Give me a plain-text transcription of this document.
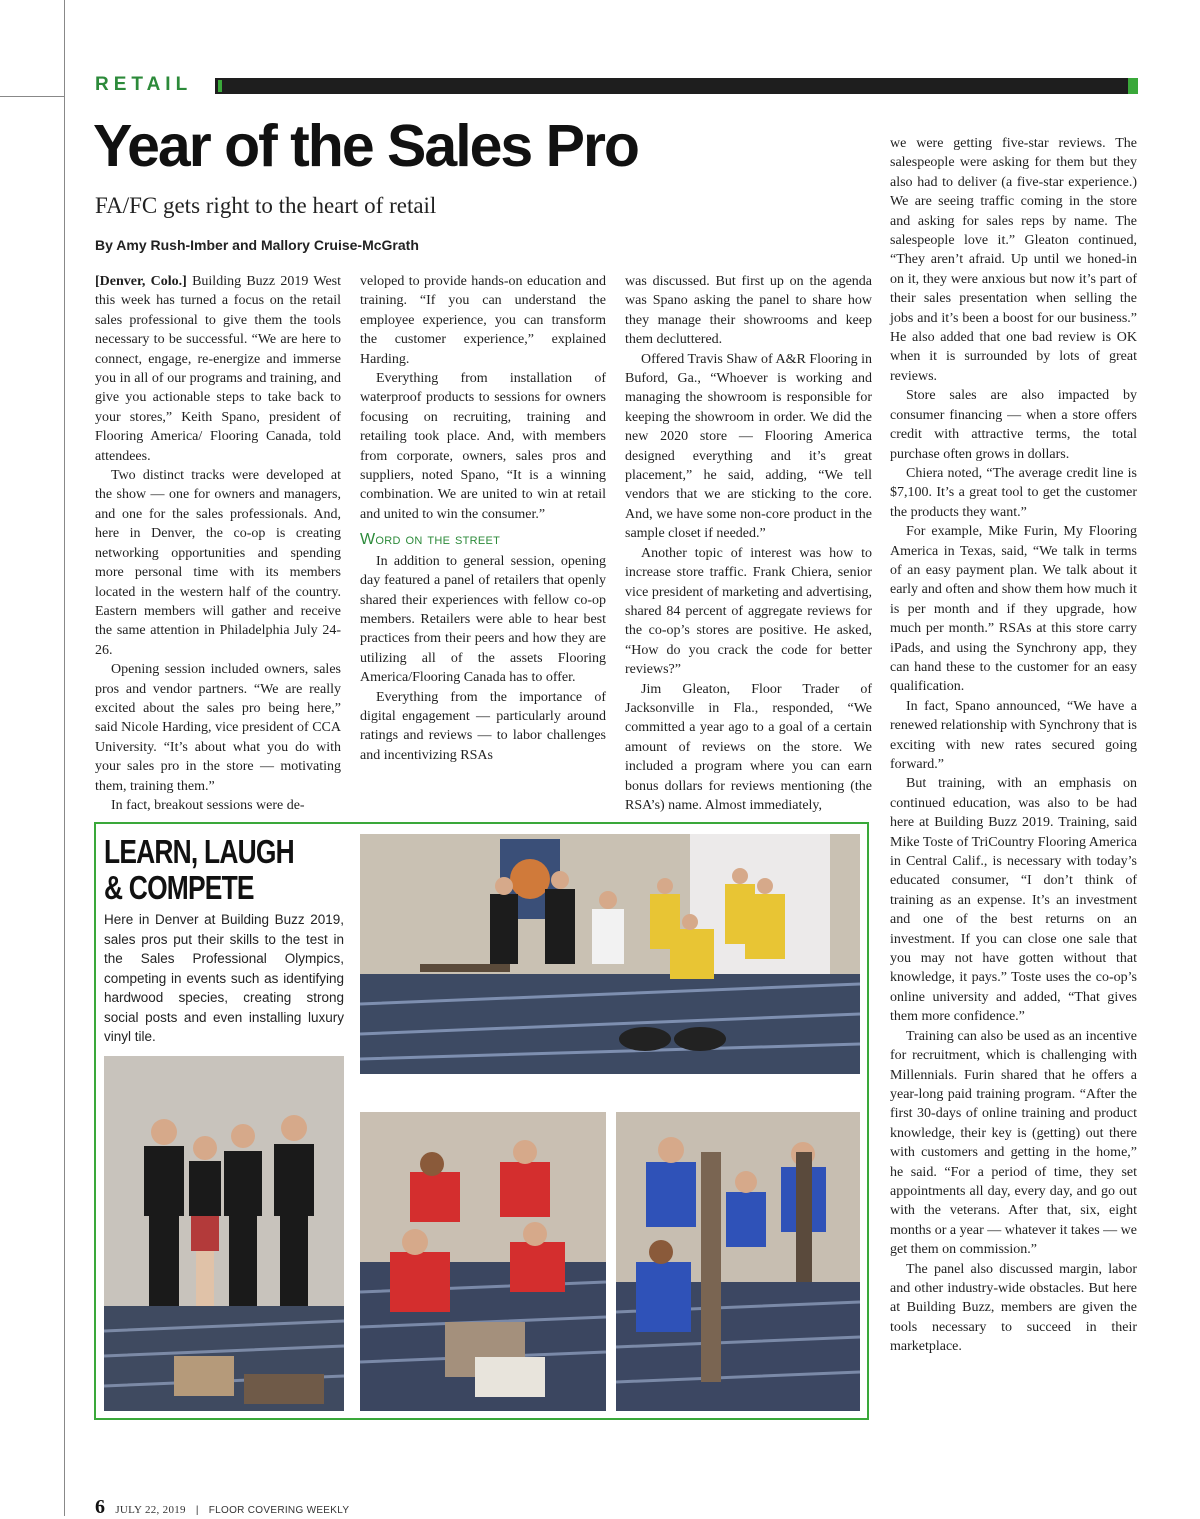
RETAIL
Year of the Sales Pro
FA/FC gets right to the heart of retail
By Amy Rush-Imber and Mallory Cruise-McGrath

[Denver, Colo.] Building Buzz 2019 West this week has turned a focus on the retail sales professional to give them the tools necessary to be successful. “We are here to connect, engage, re-energize and immerse you in all of our programs and training, and give you actionable steps to take back to your stores,” Keith Spano, president of Flooring America/ Flooring Canada, told attendees.

Two distinct tracks were developed at the show — one for owners and managers, and one for the sales professionals. And, here in Denver, the co-op is creating networking opportunities and spending more personal time with its members located in the western half of the country. Eastern members will gather and receive the same attention in Philadelphia July 24-26.

Opening session included owners, sales pros and vendor partners. “We are really excited about the sales pro being here,” said Nicole Harding, vice president of CCA University. “It’s about what you do with your sales pro in the store — motivating them, training them.”

In fact, breakout sessions were de-

veloped to provide hands-on education and training. “If you can understand the employee experience, you can transform the customer experience,” explained Harding.

Everything from installation of waterproof products to sessions for owners focusing on recruiting, training and retailing took place. And, with members from corporate, owners, sales pros and suppliers, noted Spano, “It is a winning combination. We are united to win at retail and united to win the consumer.”

Word on the street

In addition to general session, opening day featured a panel of retailers that openly shared their experiences with fellow co-op members. Retailers were able to hear best practices from their peers and how they are utilizing all of the assets Flooring America/Flooring Canada has to offer.

Everything from the importance of digital engagement — particularly around ratings and reviews — to labor challenges and incentivizing RSAs

was discussed. But first up on the agenda was Spano asking the panel to share how they manage their showrooms and keep them decluttered.

Offered Travis Shaw of A&R Flooring in Buford, Ga., “Whoever is working and managing the showroom is responsible for keeping the showroom in order. We did the new 2020 store — Flooring America designed everything and it’s great placement,” he said, adding, “We tell vendors that we are sticking to the core. And, we have some non-core product in the sample closet if needed.”

Another topic of interest was how to increase store traffic. Frank Chiera, senior vice president of marketing and advertising, shared 84 percent of aggregate reviews for the co-op’s stores are positive. He asked, “How do you crack the code for better reviews?”

Jim Gleaton, Floor Trader of Jacksonville in Fla., responded, “We committed a year ago to a goal of a certain amount of reviews on the store. We included a program where you can earn bonus dollars for reviews mentioning (the RSA’s) name. Almost immediately,

we were getting five-star reviews. The salespeople were asking for them but they also had to deliver (a five-star experience.) We are seeing traffic coming in the store and asking for sales reps by name. The salespeople love it.” Gleaton continued, “They aren’t afraid. Up until we honed-in on it, they were anxious but now it’s part of their sales presentation when selling the jobs and it’s been a boost for our business.” He also added that one bad review is OK when it is surrounded by lots of great reviews.

Store sales are also impacted by consumer financing — when a store offers credit with attractive terms, the total purchase often grows in dollars.

Chiera noted, “The average credit line is $7,100. It’s a great tool to get the customer the products they want.”

For example, Mike Furin, My Flooring America in Texas, said, “We talk in terms of an easy payment plan. We talk about it early and often and show them how much it is per month and if they upgrade, how much per month.” RSAs at this store carry iPads, and using the Synchrony app, they can hand these to the customer for an easy qualification.

In fact, Spano announced, “We have a renewed relationship with Synchrony that is exciting with new rates secured going forward.”

But training, with an emphasis on continued education, was also to be had here at Building Buzz 2019. Training, said Mike Toste of TriCountry Flooring America in Central Calif., is necessary with today’s educated consumer, “I don’t think of training as an expense. It’s an investment and one of the best returns on an investment. If you can close one sale that you may not have gotten without that knowledge, it pays.” Toste uses the co-op’s online university and added, “That gives them more confidence.”

Training can also be used as an incentive for recruitment, which is challenging with Millennials. Furin shared that he offers a year-long paid training program. “After the first 30-days of online training and product knowledge, their key is (getting) out there with customers and getting in the home,” he said. “For a period of time, they set appointments all day, every day, and go out with the veterans. After that, six, eight months or a year — whatever it takes — we get them on commission.”

The panel also discussed margin, labor and other industry-wide obstacles. But here at Building Buzz, members are given the tools necessary to succeed in their marketplace.

LEARN, LAUGH
& COMPETE
Here in Denver at Building Buzz 2019, sales pros put their skills to the test in the Sales Professional Olympics, competing in events such as identifying hardwood species, creating strong social posts and even installing luxury vinyl tile.
6 JULY 22, 2019 | FLOOR COVERING WEEKLY
